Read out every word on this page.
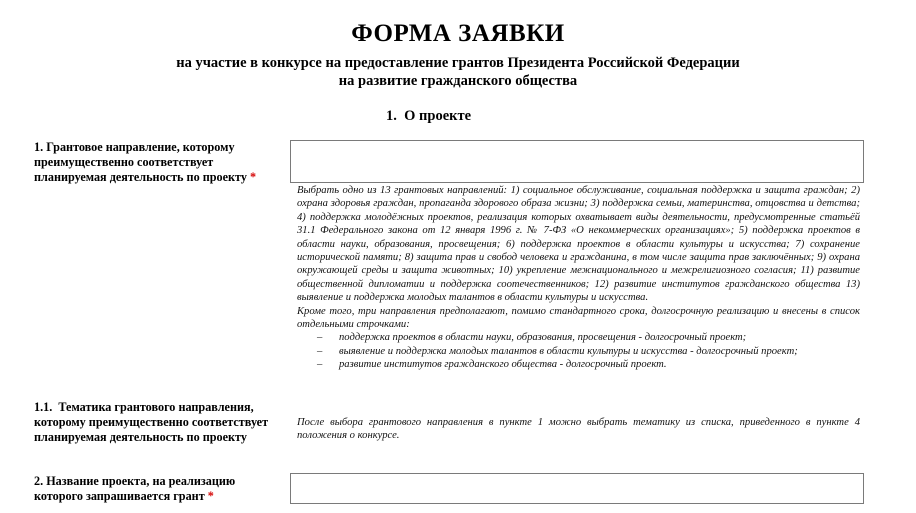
ФОРМА ЗАЯВКИ
на участие в конкурсе на предоставление грантов Президента Российской Федерации
на развитие гражданского общества
1.  О проекте
1. Грантовое направление, которому преимущественно соответствует планируемая деятельность по проекту *

Выбрать одно из 13 грантовых направлений: 1) социальное обслуживание, социальная поддержка и защита граждан; 2) охрана здоровья граждан, пропаганда здорового образа жизни; 3) поддержка семьи, материнства, отцовства и детства; 4) поддержка молодёжных проектов, реализация которых охватывает виды деятельности, предусмотренные статьёй 31.1 Федерального закона от 12 января 1996 г. № 7-ФЗ «О некоммерческих организациях»; 5) поддержка проектов в области науки, образования, просвещения; 6) поддержка проектов в области культуры и искусства; 7) сохранение исторической памяти; 8) защита прав и свобод человека и гражданина, в том числе защита прав заключённых; 9) охрана окружающей среды и защита животных; 10) укрепление межнационального и межрелигиозного согласия; 11) развитие общественной дипломатии и поддержка соотечественников; 12) развитие институтов гражданского общества 13) выявление и поддержка молодых талантов в области культуры и искусства.

Кроме того, три направления предполагают, помимо стандартного срока, долгосрочную реализацию и внесены в список отдельными строчками:

– поддержка проектов в области науки, образования, просвещения - долгосрочный проект;
– выявление и поддержка молодых талантов в области культуры и искусства - долгосрочный проект;
– развитие институтов гражданского общества - долгосрочный проект.
1.1.  Тематика грантового направления, которому преимущественно соответствует планируемая деятельность по проекту

После выбора грантового направления в пункте 1 можно выбрать тематику из списка, приведенного в пункте 4 положения о конкурсе.

2. Название проекта, на реализацию которого запрашивается грант *
